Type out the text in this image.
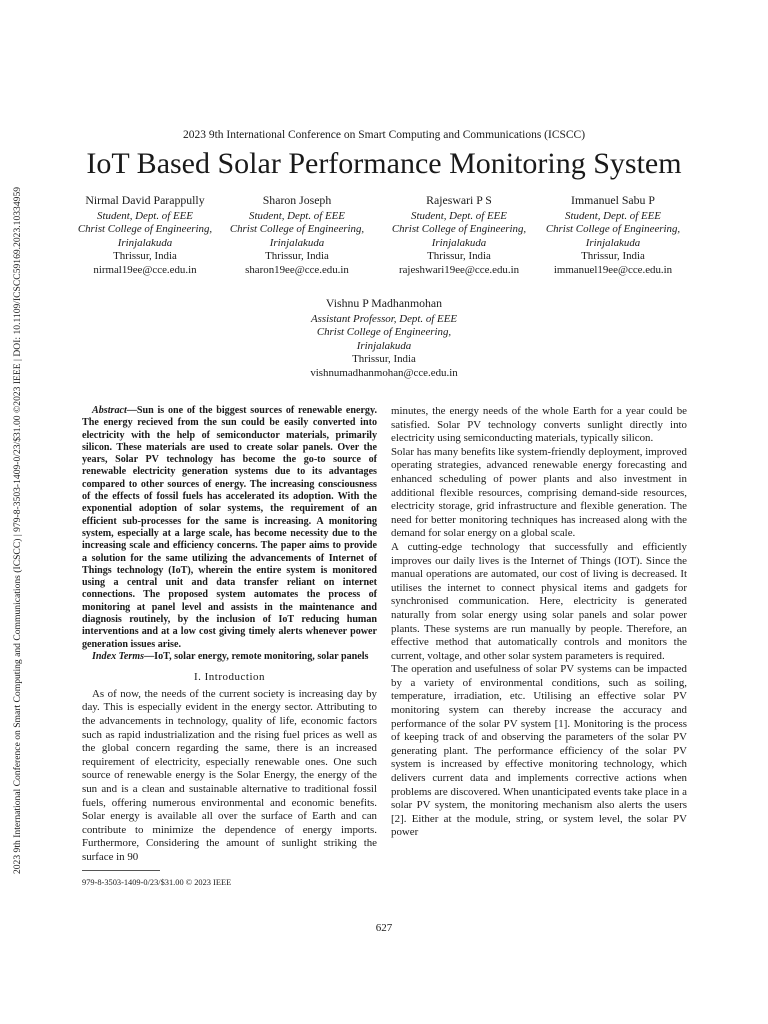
2023 9th International Conference on Smart Computing and Communications (ICSCC) | 979-8-3503-1409-0/23/$31.00 ©2023 IEEE | DOI: 10.1109/ICSCC59169.2023.10334959
2023 9th International Conference on Smart Computing and Communications (ICSCC)
IoT Based Solar Performance Monitoring System
Nirmal David Parappully
Student, Dept. of EEE
Christ College of Engineering,
Irinjalakuda
Thrissur, India
nirmal19ee@cce.edu.in
Sharon Joseph
Student, Dept. of EEE
Christ College of Engineering,
Irinjalakuda
Thrissur, India
sharon19ee@cce.edu.in
Rajeswari P S
Student, Dept. of EEE
Christ College of Engineering,
Irinjalakuda
Thrissur, India
rajeshwari19ee@cce.edu.in
Immanuel Sabu P
Student, Dept. of EEE
Christ College of Engineering,
Irinjalakuda
Thrissur, India
immanuel19ee@cce.edu.in
Vishnu P Madhanmohan
Assistant Professor, Dept. of EEE
Christ College of Engineering,
Irinjalakuda
Thrissur, India
vishnumadhanmohan@cce.edu.in

Abstract—Sun is one of the biggest sources of renewable energy. The energy recieved from the sun could be easily converted into electricity with the help of semiconductor materials, primarily silicon. These materials are used to create solar panels. Over the years, Solar PV technology has become the go-to source of renewable electricity generation systems due to its advantages compared to other sources of energy. The increasing consciousness of the effects of fossil fuels has accelerated its adoption. With the exponential adoption of solar systems, the requirement of an efficient sub-processes for the same is increasing. A monitoring system, especially at a large scale, has become necessity due to the increasing scale and efficiency concerns. The paper aims to provide a solution for the same utilizing the advancements of Internet of Things technology (IoT), wherein the entire system is monitored using a central unit and data transfer reliant on internet connections. The proposed system automates the process of monitoring at panel level and assists in the maintenance and diagnosis routinely, by the inclusion of IoT reducing human interventions and at a low cost giving timely alerts whenever power generation issues arise.

Index Terms—IoT, solar energy, remote monitoring, solar panels

I. Introduction

As of now, the needs of the current society is increasing day by day. This is especially evident in the energy sector. Attributing to the advancements in technology, quality of life, economic factors such as rapid industrialization and the rising fuel prices as well as the global concern regarding the same, there is an increased requirement of electricity, especially renewable ones. One such source of renewable energy is the Solar Energy, the energy of the sun and is a clean and sustainable alternative to traditional fossil fuels, offering numerous environmental and economic benefits. Solar energy is available all over the surface of Earth and can contribute to minimize the dependence of energy imports. Furthermore, Considering the amount of sunlight striking the surface in 90

minutes, the energy needs of the whole Earth for a year could be satisfied. Solar PV technology converts sunlight directly into electricity using semiconducting materials, typically silicon.

Solar has many benefits like system-friendly deployment, improved operating strategies, advanced renewable energy forecasting and enhanced scheduling of power plants and also investment in additional flexible resources, comprising demand-side resources, electricity storage, grid infrastructure and flexible generation. The need for better monitoring techniques has increased along with the demand for solar energy on a global scale.

A cutting-edge technology that successfully and efficiently improves our daily lives is the Internet of Things (IOT). Since the manual operations are automated, our cost of living is decreased. It utilises the internet to connect physical items and gadgets for synchronised communication. Here, electricity is generated naturally from solar energy using solar panels and solar power plants. These systems are run manually by people. Therefore, an effective method that automatically controls and monitors the current, voltage, and other solar system parameters is required.

The operation and usefulness of solar PV systems can be impacted by a variety of environmental conditions, such as soiling, temperature, irradiation, etc. Utilising an effective solar PV monitoring system can thereby increase the accuracy and performance of the solar PV system [1]. Monitoring is the process of keeping track of and observing the parameters of the solar PV generating plant. The performance efficiency of the solar PV system is increased by effective monitoring technology, which delivers current data and implements corrective actions when problems are discovered. When unanticipated events take place in a solar PV system, the monitoring mechanism also alerts the users [2]. Either at the module, string, or system level, the solar PV power

979-8-3503-1409-0/23/$31.00 © 2023 IEEE
627
